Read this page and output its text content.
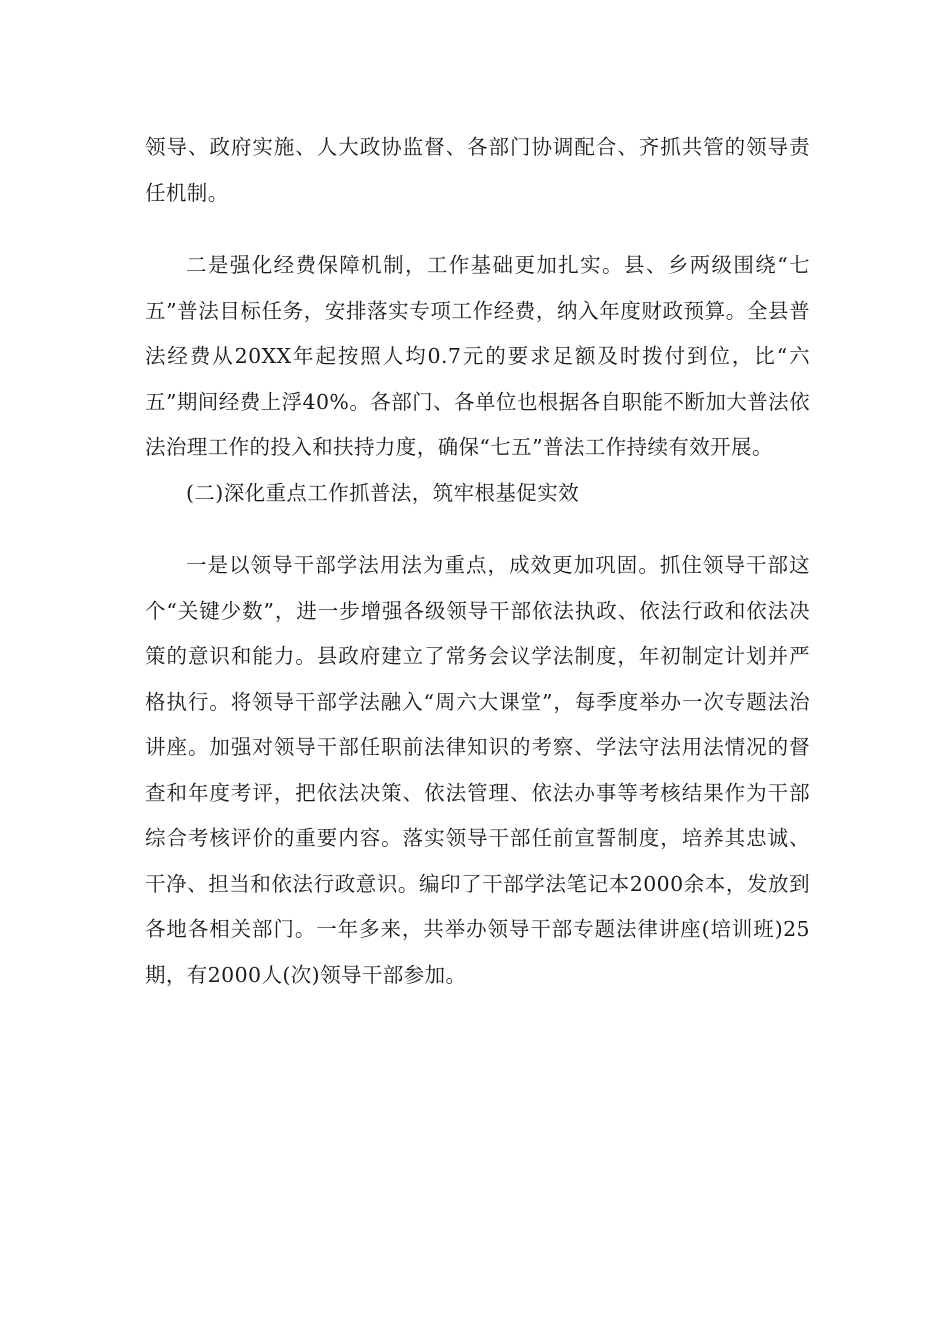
领导、政府实施、人大政协监督、各部门协调配合、齐抓共管的领导责任机制。

二是强化经费保障机制，工作基础更加扎实。县、乡两级围绕“七五”普法目标任务，安排落实专项工作经费，纳入年度财政预算。全县普法经费从20XX年起按照人均0.7元的要求足额及时拨付到位，比“六五”期间经费上浮40%。各部门、各单位也根据各自职能不断加大普法依法治理工作的投入和扶持力度，确保“七五”普法工作持续有效开展。

(二)深化重点工作抓普法，筑牢根基促实效

一是以领导干部学法用法为重点，成效更加巩固。抓住领导干部这个“关键少数”，进一步增强各级领导干部依法执政、依法行政和依法决策的意识和能力。县政府建立了常务会议学法制度，年初制定计划并严格执行。将领导干部学法融入“周六大课堂”，每季度举办一次专题法治讲座。加强对领导干部任职前法律知识的考察、学法守法用法情况的督查和年度考评，把依法决策、依法管理、依法办事等考核结果作为干部综合考核评价的重要内容。落实领导干部任前宣誓制度，培养其忠诚、干净、担当和依法行政意识。编印了干部学法笔记本2000余本，发放到各地各相关部门。一年多来，共举办领导干部专题法律讲座(培训班)25期，有2000人(次)领导干部参加。
